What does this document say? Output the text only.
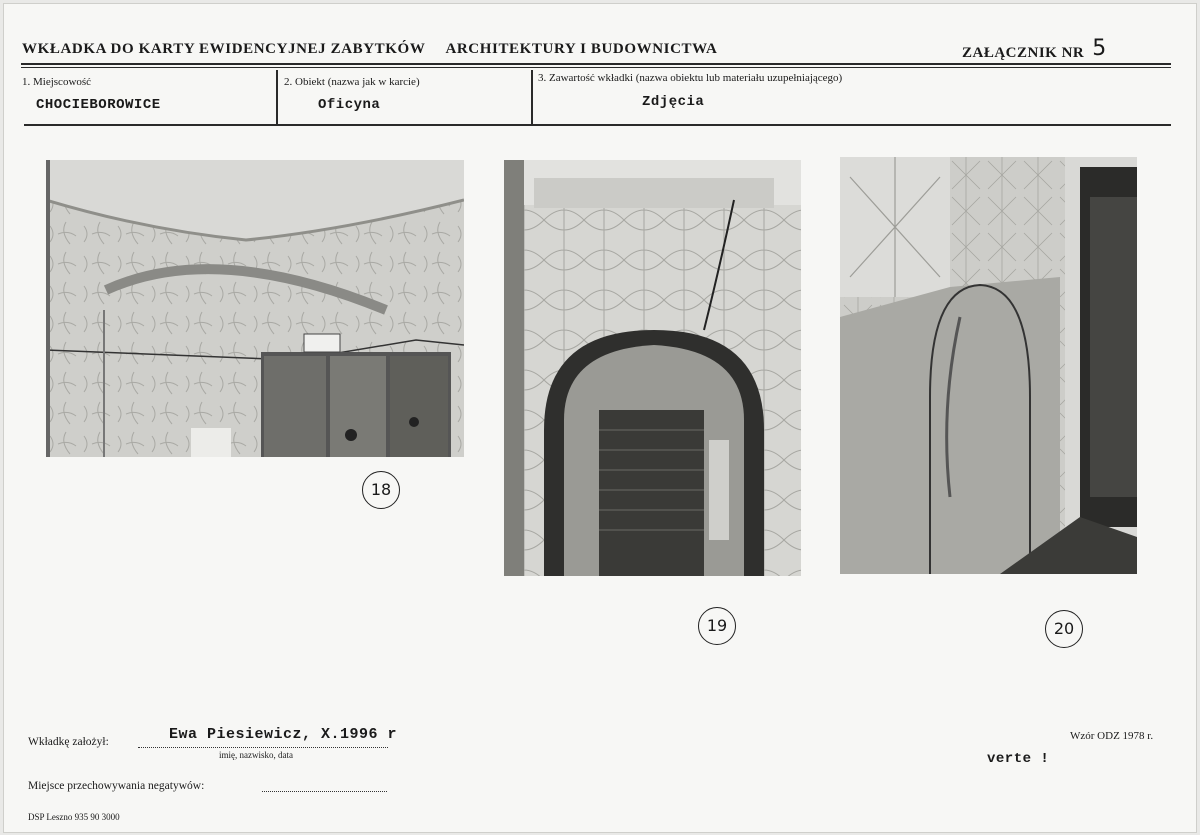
WKŁADKA DO KARTY EWIDENCYJNEJ ZABYTKÓW ARCHITEKTURY I BUDOWNICTWA	ZAŁĄCZNIK NR 5
1. Miejscowość
CHOCIEBOROWICE
2. Obiekt (nazwa jak w karcie)
Oficyna
3. Zawartość wkładki (nazwa obiektu lub materiału uzupełniającego)
Zdjęcia
18
19	20
Wkładkę założył:	Ewa Piesiewicz, X.1996 r
imię, nazwisko, data
Miejsce przechowywania negatywów:
Wzór ODZ 1978 r.
verte !
DSP Leszno 935 90 3000
